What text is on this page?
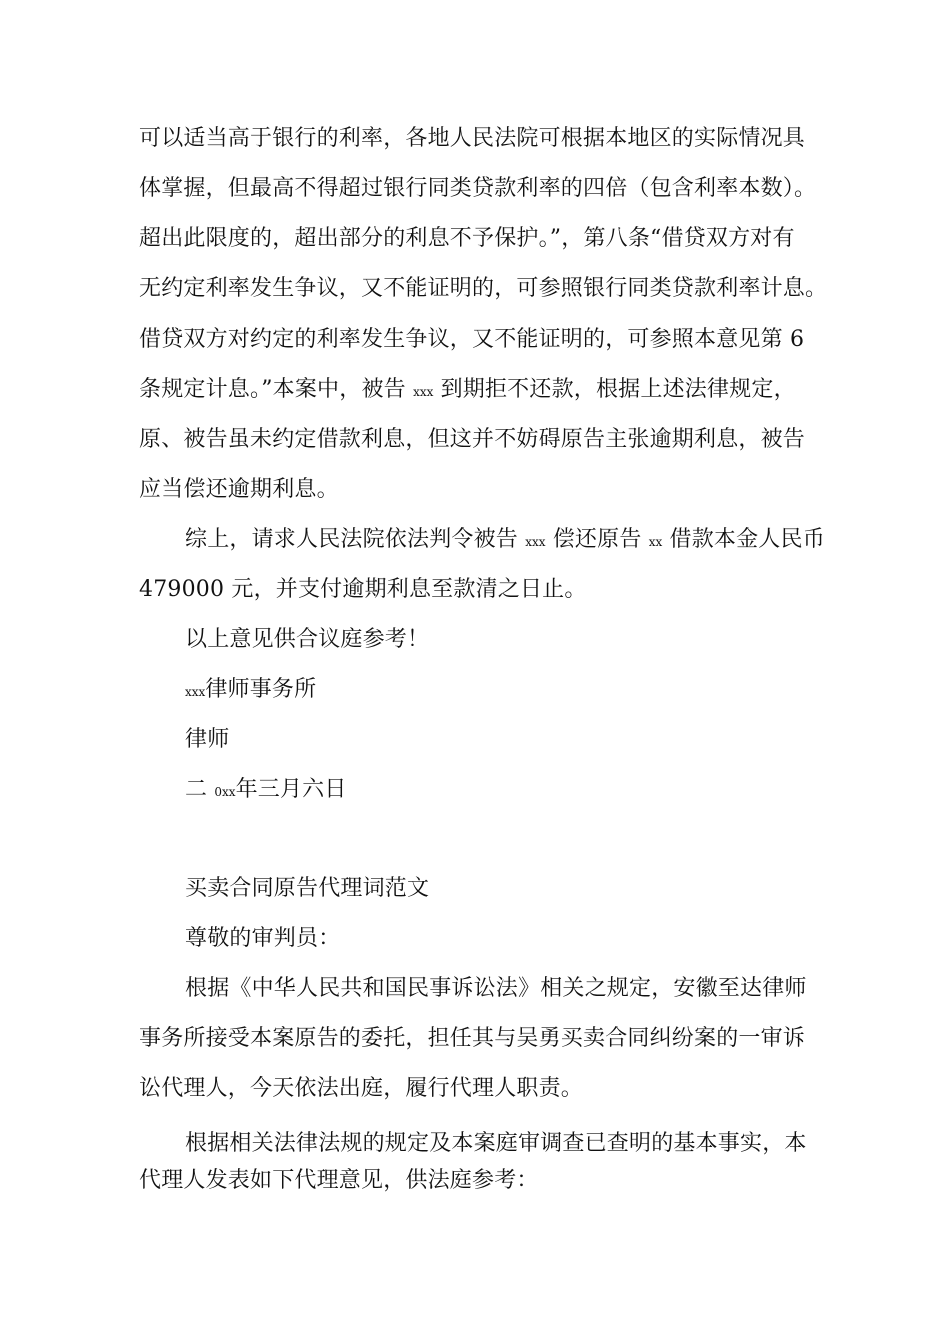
可以适当高于银行的利率，各地人民法院可根据本地区的实际情况具
体掌握，但最高不得超过银行同类贷款利率的四倍（包含利率本数）。
超出此限度的，超出部分的利息不予保护。”，第八条“借贷双方对有
无约定利率发生争议，又不能证明的，可参照银行同类贷款利率计息。
借贷双方对约定的利率发生争议，又不能证明的，可参照本意见第 6
条规定计息。”本案中，被告 xxx 到期拒不还款，根据上述法律规定，
原、被告虽未约定借款利息，但这并不妨碍原告主张逾期利息，被告
应当偿还逾期利息。
综上，请求人民法院依法判令被告 xxx 偿还原告 xx 借款本金人民币
479000 元，并支付逾期利息至款清之日止。
以上意见供合议庭参考！
xxx律师事务所
律师
二 0xx年三月六日
买卖合同原告代理词范文
尊敬的审判员：
根据《中华人民共和国民事诉讼法》相关之规定，安徽至达律师
事务所接受本案原告的委托，担任其与吴勇买卖合同纠纷案的一审诉
讼代理人，今天依法出庭，履行代理人职责。
根据相关法律法规的规定及本案庭审调查已查明的基本事实，本
代理人发表如下代理意见，供法庭参考：
